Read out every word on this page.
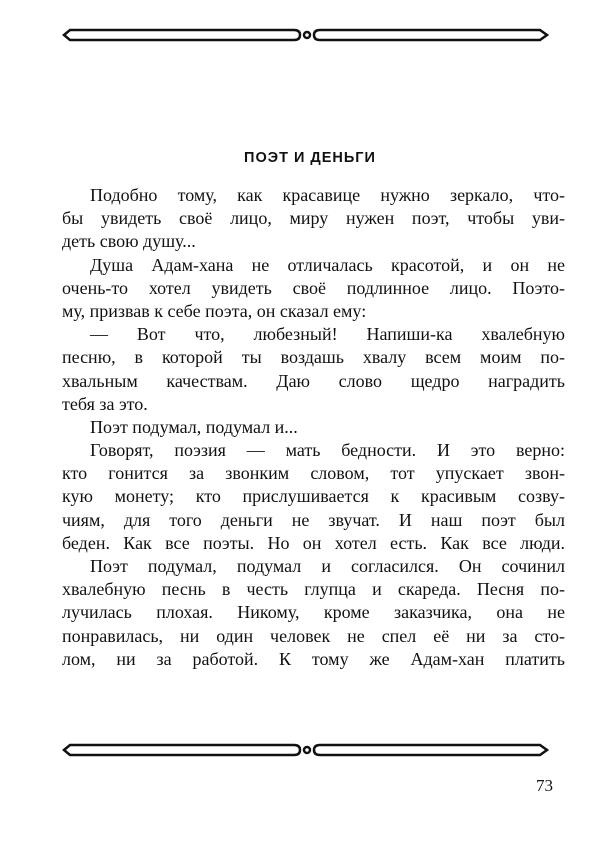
ПОЭТ И ДЕНЬГИ
Подобно тому, как красавице нужно зеркало, что-
бы увидеть своё лицо, миру нужен поэт, чтобы уви-
деть свою душу...
Душа Адам-хана не отличалась красотой, и он не
очень-то хотел увидеть своё подлинное лицо. Поэто-
му, призвав к себе поэта, он сказал ему:
— Вот что, любезный! Напиши-ка хвалебную
песню, в которой ты воздашь хвалу всем моим по-
хвальным качествам. Даю слово щедро наградить
тебя за это.
Поэт подумал, подумал и...
Говорят, поэзия — мать бедности. И это верно:
кто гонится за звонким словом, тот упускает звон-
кую монету; кто прислушивается к красивым созву-
чиям, для того деньги не звучат. И наш поэт был
беден. Как все поэты. Но он хотел есть. Как все люди.
Поэт подумал, подумал и согласился. Он сочинил
хвалебную песнь в честь глупца и скареда. Песня по-
лучилась плохая. Никому, кроме заказчика, она не
понравилась, ни один человек не спел её ни за сто-
лом, ни за работой. К тому же Адам-хан платить
73
